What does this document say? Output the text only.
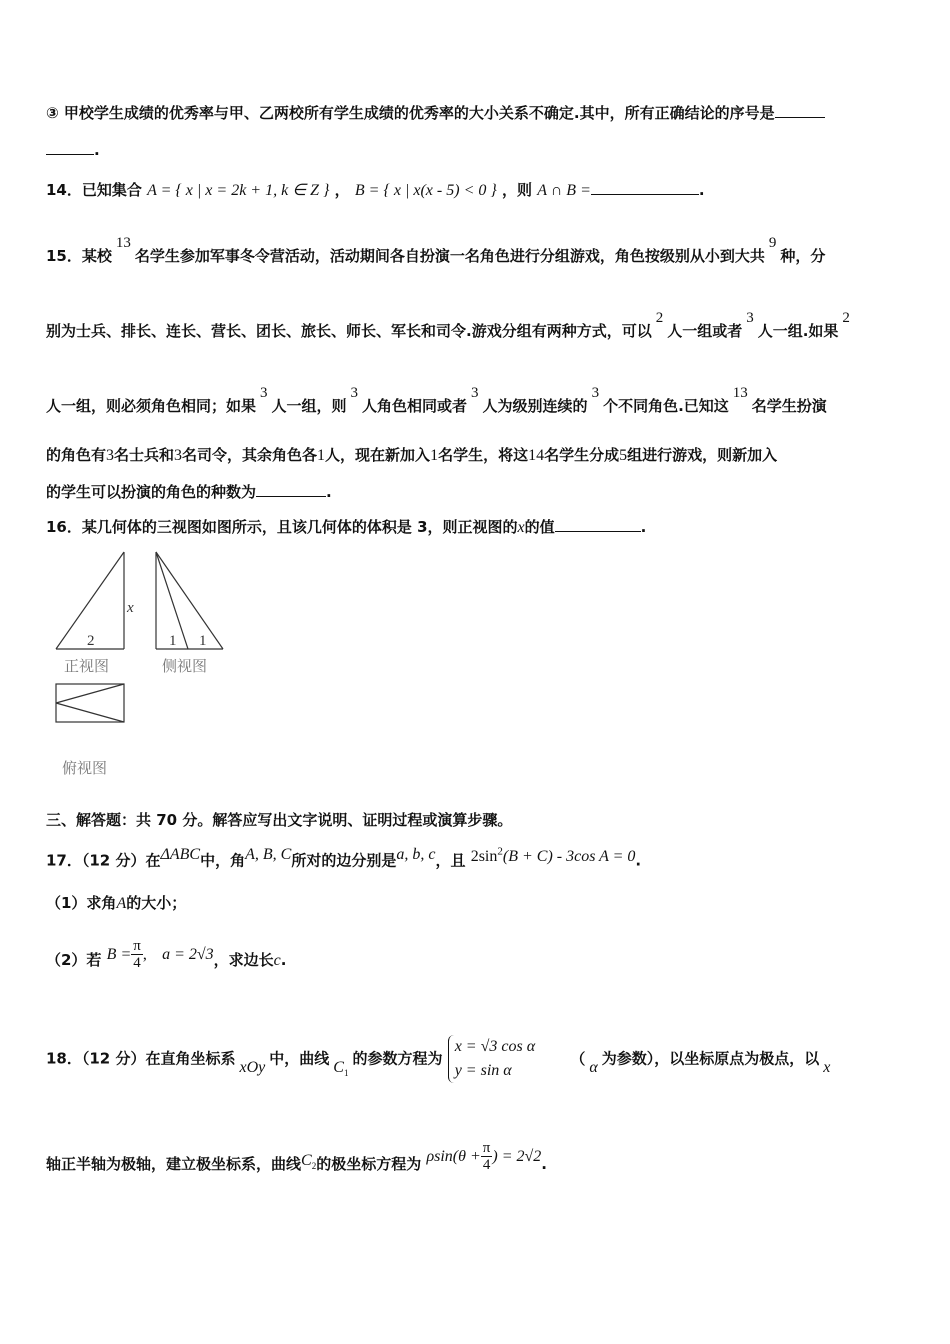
③ 甲校学生成绩的优秀率与甲、乙两校所有学生成绩的优秀率的大小关系不确定.其中，所有正确结论的序号是
.
14．已知集合 A = { x | x = 2k + 1, k ∈ Z } ， B = { x | x(x - 5) < 0 } ，则 A ∩ B =	.
15．某校13名学生参加军事冬令营活动，活动期间各自扮演一名角色进行分组游戏，角色按级别从小到大共9种，分
别为士兵、排长、连长、营长、团长、旅长、师长、军长和司令.游戏分组有两种方式，可以2人一组或者3人一组.如果2
人一组，则必须角色相同；如果3人一组，则3人角色相同或者3人为级别连续的3个不同角色.已知这13名学生扮演
的角色有3名士兵和3名司令，其余角色各1人，现在新加入1名学生，将这14名学生分成5组进行游戏，则新加入
的学生可以扮演的角色的种数为	.
16．某几何体的三视图如图所示，且该几何体的体积是 3，则正视图的x的值	.
2
x
1 1
正视图	侧视图
俯视图
三、解答题：共 70 分。解答应写出文字说明、证明过程或演算步骤。
17．（12 分）在ΔABC中，角A, B, C所对的边分别是a, b, c，且 $2\sin^2(B + C) - 3\cos$ A = 0.
（1）求角A的大小；
（2）若 $B = \frac{\pi}{4}$ , a = 2√3，求边长c.
18．（12 分）在直角坐标系 xOy 中，曲线 $C_1$的参数方程为
x = √3 cos α
y = sin α
（ α 为参数），以坐标原点为极点，以 x
轴正半轴为极轴，建立极坐标系，曲线$C_2$的极坐标方程为 $\rho\sin(\theta + \frac{\pi}{4}$ ) = 2√2.
